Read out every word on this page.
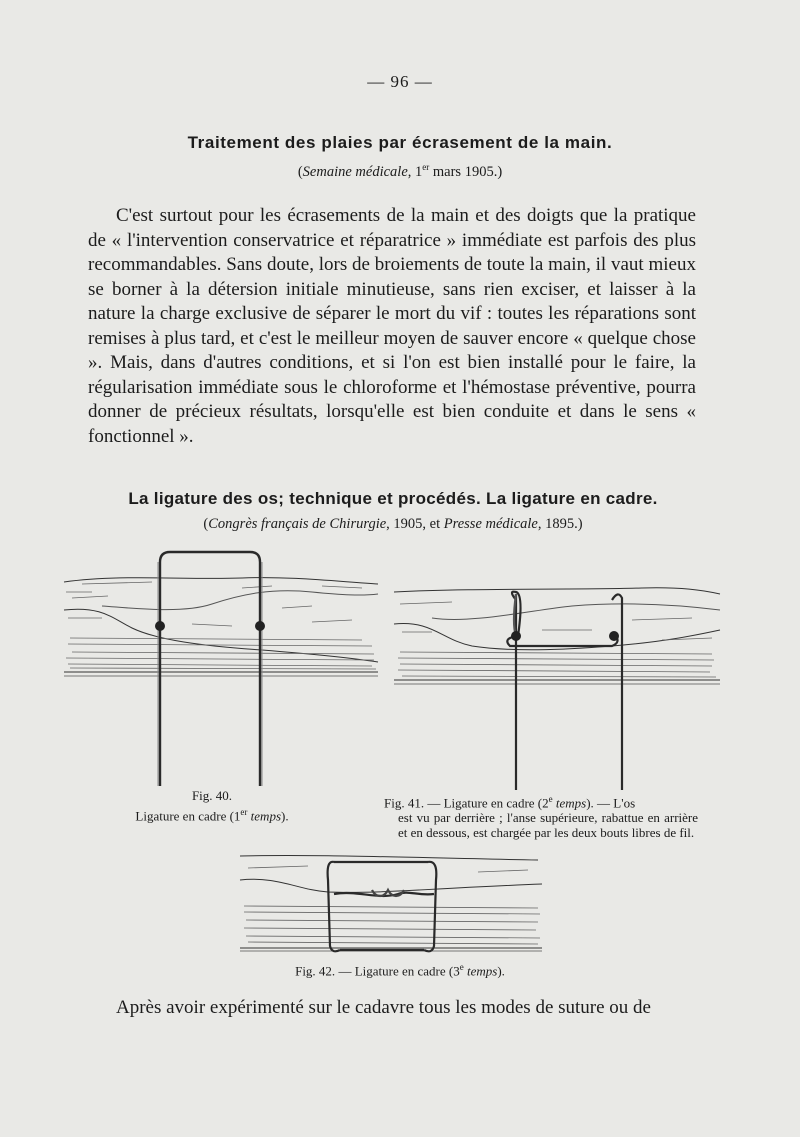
— 96 —
Traitement des plaies par écrasement de la main.
(Semaine médicale, 1er mars 1905.)
C'est surtout pour les écrasements de la main et des doigts que la pratique de « l'intervention conservatrice et réparatrice » immédiate est parfois des plus recommandables. Sans doute, lors de broiements de toute la main, il vaut mieux se borner à la détersion initiale minutieuse, sans rien exciser, et laisser à la nature la charge exclusive de séparer le mort du vif : toutes les réparations sont remises à plus tard, et c'est le meilleur moyen de sauver encore « quelque chose ». Mais, dans d'autres conditions, et si l'on est bien installé pour le faire, la régularisation immédiate sous le chloroforme et l'hémostase préventive, pourra donner de précieux résultats, lorsqu'elle est bien conduite et dans le sens « fonctionnel ».
La ligature des os; technique et procédés. La ligature en cadre.
(Congrès français de Chirurgie, 1905, et Presse médicale, 1895.)
Fig. 40.
Ligature en cadre (1er temps).
Fig. 41. — Ligature en cadre (2e temps). — L'os
est vu par derrière ; l'anse supérieure, rabattue en arrière et en dessous, est chargée par les deux bouts libres de fil.
Fig. 42. — Ligature en cadre (3e temps).
Après avoir expérimenté sur le cadavre tous les modes de suture ou de
